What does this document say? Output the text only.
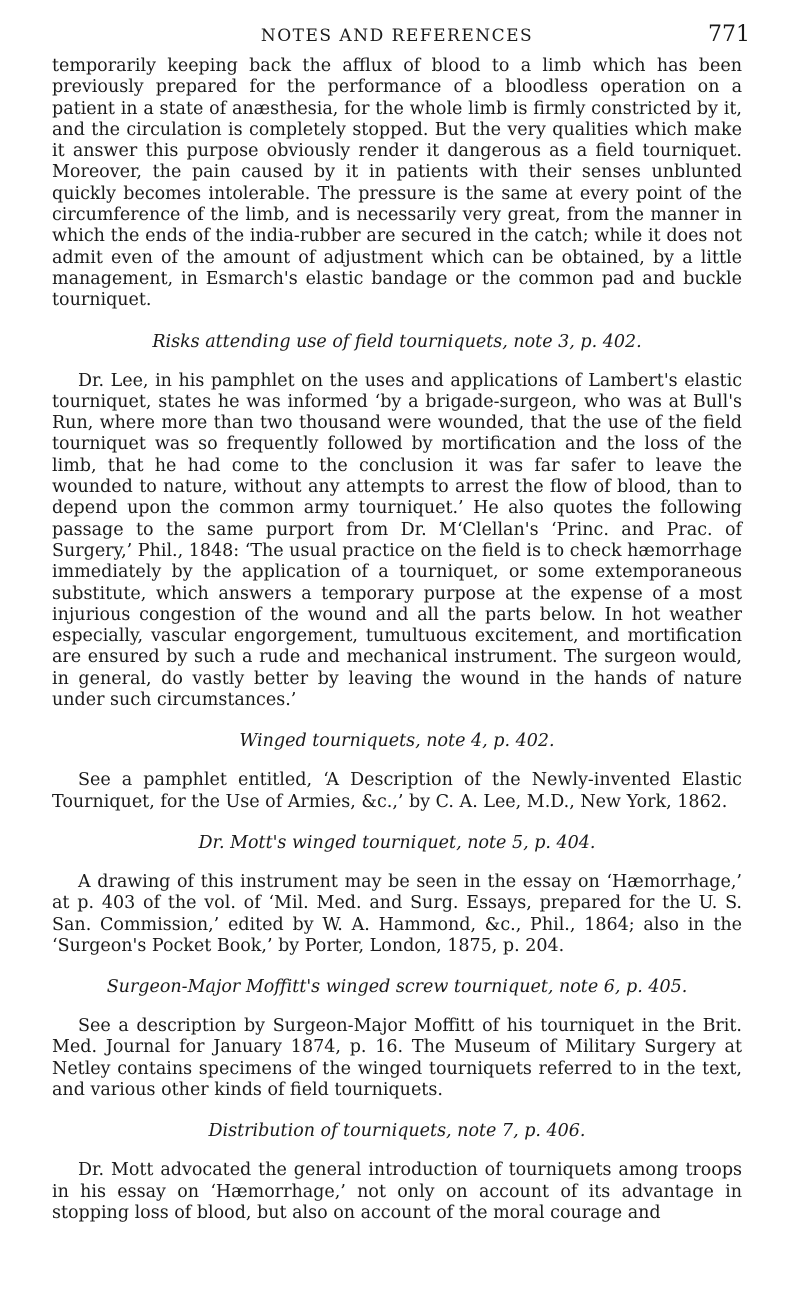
NOTES AND REFERENCES	771

temporarily keeping back the afflux of blood to a limb which has been previously prepared for the performance of a bloodless operation on a patient in a state of anæsthesia, for the whole limb is firmly constricted by it, and the circulation is completely stopped. But the very qualities which make it answer this purpose obviously render it dangerous as a field tourniquet. Moreover, the pain caused by it in patients with their senses unblunted quickly becomes intolerable. The pressure is the same at every point of the circumference of the limb, and is necessarily very great, from the manner in which the ends of the india-rubber are secured in the catch; while it does not admit even of the amount of adjustment which can be obtained, by a little management, in Esmarch's elastic bandage or the common pad and buckle tourniquet.

Risks attending use of field tourniquets, note 3, p. 402.

Dr. Lee, in his pamphlet on the uses and applications of Lambert's elastic tourniquet, states he was informed ‘by a brigade-surgeon, who was at Bull's Run, where more than two thousand were wounded, that the use of the field tourniquet was so frequently followed by mortification and the loss of the limb, that he had come to the conclusion it was far safer to leave the wounded to nature, without any attempts to arrest the flow of blood, than to depend upon the common army tourniquet.’ He also quotes the following passage to the same purport from Dr. M‘Clellan's ‘Princ. and Prac. of Surgery,’ Phil., 1848: ‘The usual practice on the field is to check hæmorrhage immediately by the application of a tourniquet, or some extemporaneous substitute, which answers a temporary purpose at the expense of a most injurious congestion of the wound and all the parts below. In hot weather especially, vascular engorgement, tumultuous excitement, and mortification are ensured by such a rude and mechanical instrument. The surgeon would, in general, do vastly better by leaving the wound in the hands of nature under such circumstances.’

Winged tourniquets, note 4, p. 402.

See a pamphlet entitled, ‘A Description of the Newly-invented Elastic Tourniquet, for the Use of Armies, &c.,’ by C. A. Lee, M.D., New York, 1862.

Dr. Mott's winged tourniquet, note 5, p. 404.

A drawing of this instrument may be seen in the essay on ‘Hæmorrhage,’ at p. 403 of the vol. of ‘Mil. Med. and Surg. Essays, prepared for the U. S. San. Commission,’ edited by W. A. Hammond, &c., Phil., 1864; also in the ‘Surgeon's Pocket Book,’ by Porter, London, 1875, p. 204.

Surgeon-Major Moffitt's winged screw tourniquet, note 6, p. 405.

See a description by Surgeon-Major Moffitt of his tourniquet in the Brit. Med. Journal for January 1874, p. 16. The Museum of Military Surgery at Netley contains specimens of the winged tourniquets referred to in the text, and various other kinds of field tourniquets.

Distribution of tourniquets, note 7, p. 406.

Dr. Mott advocated the general introduction of tourniquets among troops in his essay on ‘Hæmorrhage,’ not only on account of its advantage in stopping loss of blood, but also on account of the moral courage and
